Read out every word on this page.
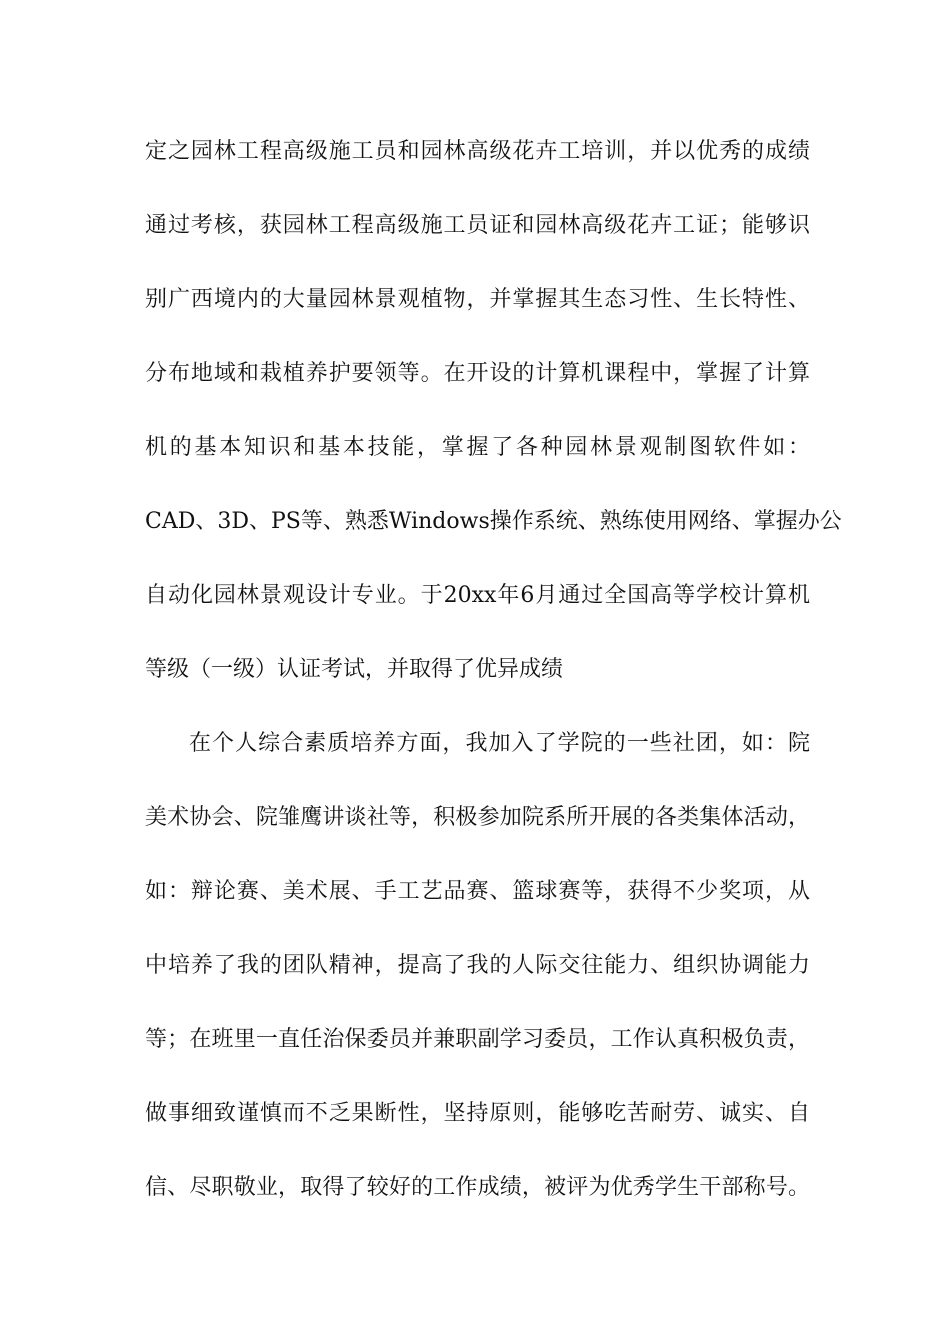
定之园林工程高级施工员和园林高级花卉工培训，并以优秀的成绩
通过考核，获园林工程高级施工员证和园林高级花卉工证；能够识
别广西境内的大量园林景观植物，并掌握其生态习性、生长特性、
分布地域和栽植养护要领等。在开设的计算机课程中，掌握了计算
机的基本知识和基本技能，掌握了各种园林景观制图软件如：
CAD、3D、PS等、熟悉Windows操作系统、熟练使用网络、掌握办公
自动化园林景观设计专业。于20xx年6月通过全国高等学校计算机
等级（一级）认证考试，并取得了优异成绩
在个人综合素质培养方面，我加入了学院的一些社团，如：院
美术协会、院雏鹰讲谈社等，积极参加院系所开展的各类集体活动，
如：辩论赛、美术展、手工艺品赛、篮球赛等，获得不少奖项，从
中培养了我的团队精神，提高了我的人际交往能力、组织协调能力
等；在班里一直任治保委员并兼职副学习委员，工作认真积极负责，
做事细致谨慎而不乏果断性，坚持原则，能够吃苦耐劳、诚实、自
信、尽职敬业，取得了较好的工作成绩，被评为优秀学生干部称号。
